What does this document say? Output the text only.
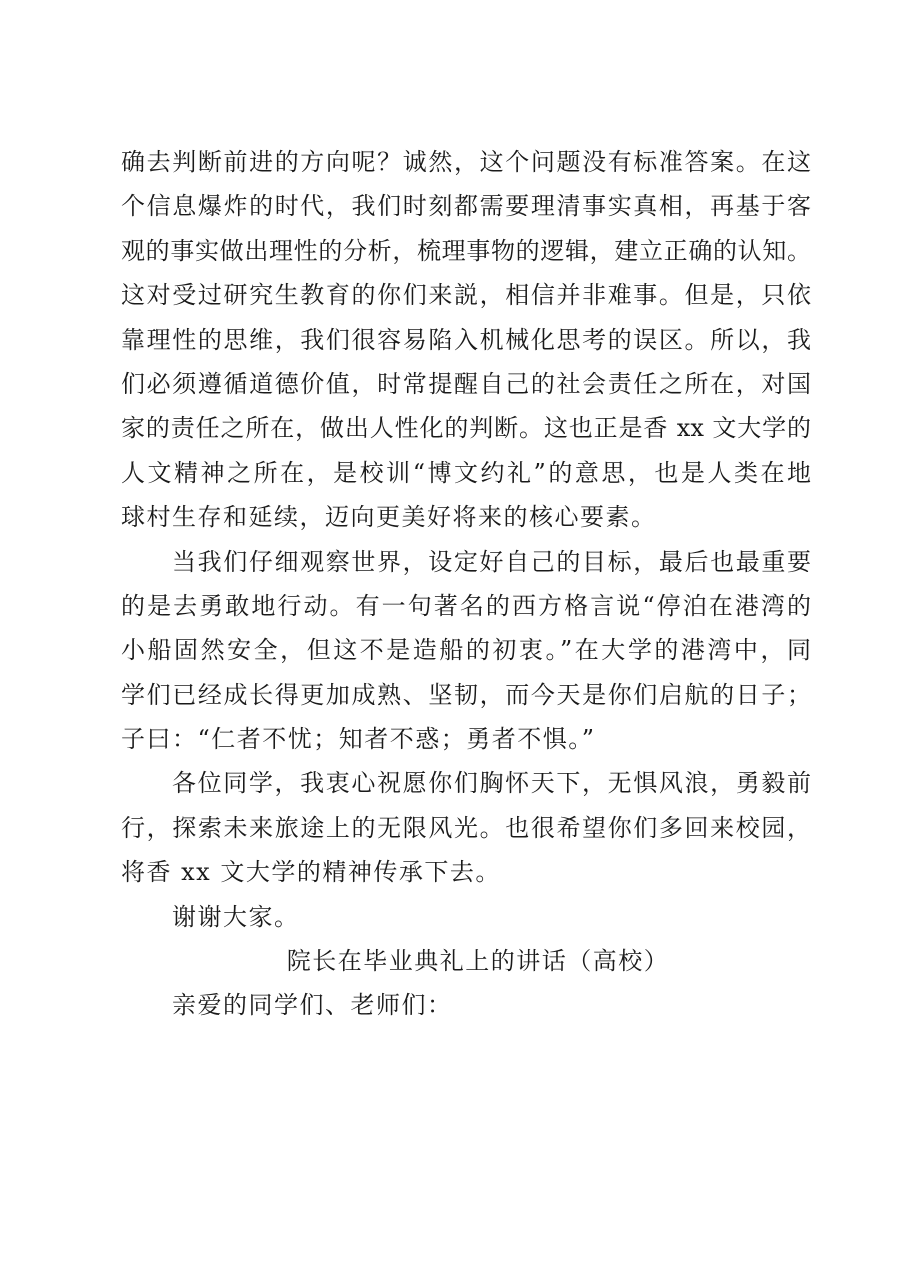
确去判断前进的方向呢？诚然，这个问题没有标准答案。在这
个信息爆炸的时代，我们时刻都需要理清事实真相，再基于客
观的事实做出理性的分析，梳理事物的逻辑，建立正确的认知。
这对受过研究生教育的你们来説，相信并非难事。但是，只依
靠理性的思维，我们很容易陷入机械化思考的误区。所以，我
们必须遵循道德价值，时常提醒自己的社会责任之所在，对国
家的责任之所在，做出人性化的判断。这也正是香 xx 文大学的
人文精神之所在，是校训“博文约礼”的意思，也是人类在地
球村生存和延续，迈向更美好将来的核心要素。
当我们仔细观察世界，设定好自己的目标，最后也最重要
的是去勇敢地行动。有一句著名的西方格言说“停泊在港湾的
小船固然安全，但这不是造船的初衷。”在大学的港湾中，同
学们已经成长得更加成熟、坚韧，而今天是你们启航的日子；
子曰：“仁者不忧；知者不惑；勇者不惧。”
各位同学，我衷心祝愿你们胸怀天下，无惧风浪，勇毅前
行，探索未来旅途上的无限风光。也很希望你们多回来校园，
将香 xx 文大学的精神传承下去。
谢谢大家。
院长在毕业典礼上的讲话（高校）
亲爱的同学们、老师们：
